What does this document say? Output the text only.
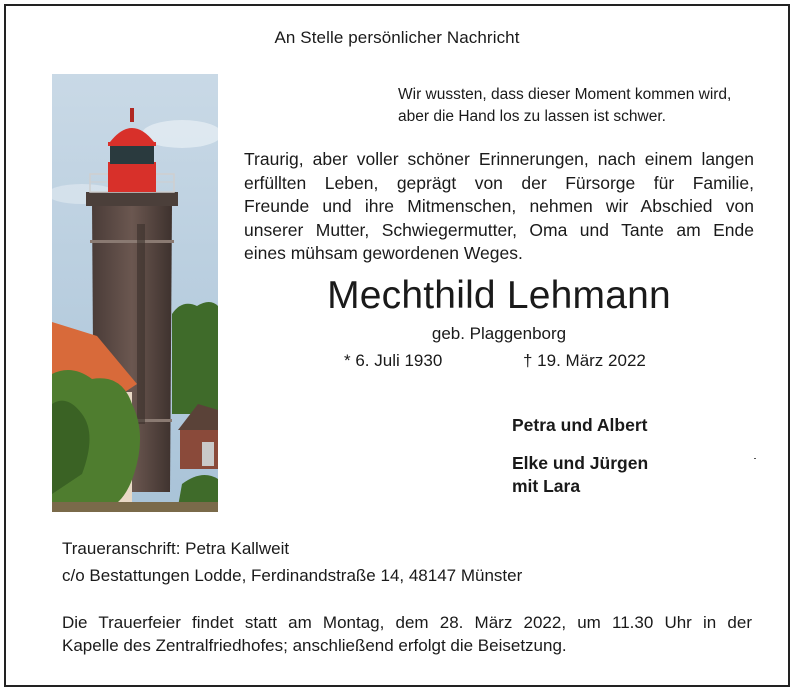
An Stelle persönlicher Nachricht
Wir wussten, dass dieser Moment kommen wird,
aber die Hand los zu lassen ist schwer.
Traurig, aber voller schöner Erinnerungen, nach einem langen
erfüllten Leben, geprägt von der Fürsorge für Familie,
Freunde und ihre Mitmenschen, nehmen wir Abschied von
unserer Mutter, Schwiegermutter, Oma und Tante am Ende
eines mühsam gewordenen Weges.
Mechthild Lehmann
geb. Plaggenborg
* 6. Juli 1930	† 19. März 2022
Petra und Albert
Elke und Jürgen
mit Lara
Traueranschrift: Petra Kallweit
c/o Bestattungen Lodde, Ferdinandstraße 14, 48147 Münster
Die Trauerfeier findet statt am Montag, dem 28. März 2022, um 11.30 Uhr in der
Kapelle des Zentralfriedhofes; anschließend erfolgt die Beisetzung.
